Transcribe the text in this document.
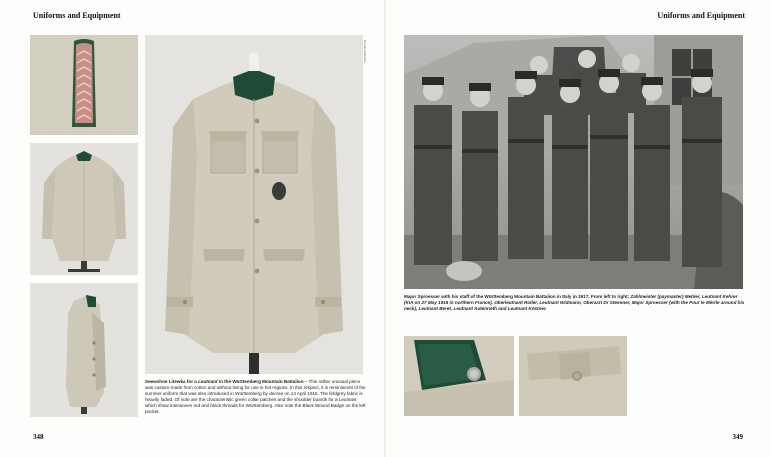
Uniforms and Equipment
Private collection
Seewshoe Litewka for a Leutnant in the Württemberg Mountain Battalion – This rather unusual piece was custom-made from cotton and without lining for use in hot regions. In this respect, it is reminiscent of the summer uniform that was also introduced in Württemberg by decree on 14 April 1915. The feldgrey fabric is heavily faded. Of note are the characteristic green collar patches and the shoulder boards for a Leutnant which show interwoven red and black threads for Württemberg. Also note the Black Wound Badge on the left pocket.
348
Uniforms and Equipment
Major Sproesser with his staff of the Württemberg Mountain Battalion in Italy in 1917. From left to right: Zahlmeister (paymaster) Mehler, Leutnant Kehrer (KIA on 27 May 1918 in northern France), Oberleutnant Roller, Leutnant Widmann, Oberarzt Dr Stemmer, Major Sproesser (with the Pour le Mérite around his neck), Leutnant Beret, Leutnant Autenrieth and Leutnant Köstner.
349
